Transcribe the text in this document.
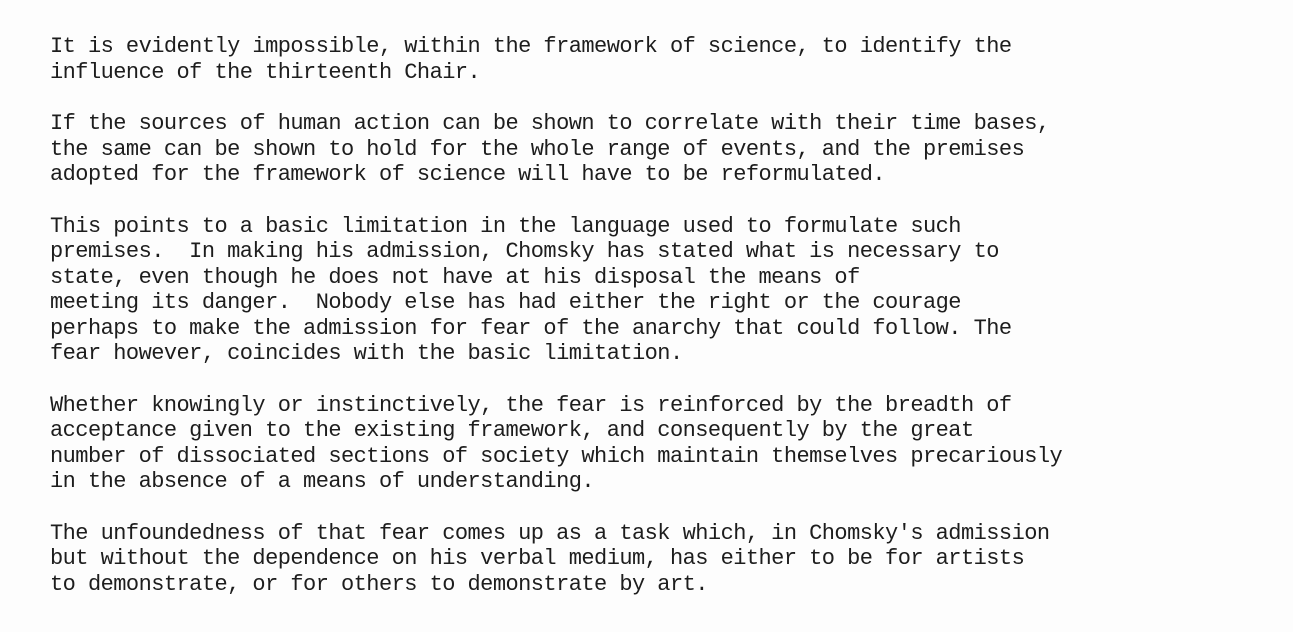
It is evidently impossible, within the framework of science, to identify the
influence of the thirteenth Chair.

If the sources of human action can be shown to correlate with their time bases,
the same can be shown to hold for the whole range of events, and the premises
adopted for the framework of science will have to be reformulated.

This points to a basic limitation in the language used to formulate such
premises.  In making his admission, Chomsky has stated what is necessary to
state, even though he does not have at his disposal the means of
meeting its danger.  Nobody else has had either the right or the courage
perhaps to make the admission for fear of the anarchy that could follow. The
fear however, coincides with the basic limitation.

Whether knowingly or instinctively, the fear is reinforced by the breadth of
acceptance given to the existing framework, and consequently by the great
number of dissociated sections of society which maintain themselves precariously
in the absence of a means of understanding.

The unfoundedness of that fear comes up as a task which, in Chomsky's admission
but without the dependence on his verbal medium, has either to be for artists
to demonstrate, or for others to demonstrate by art.
